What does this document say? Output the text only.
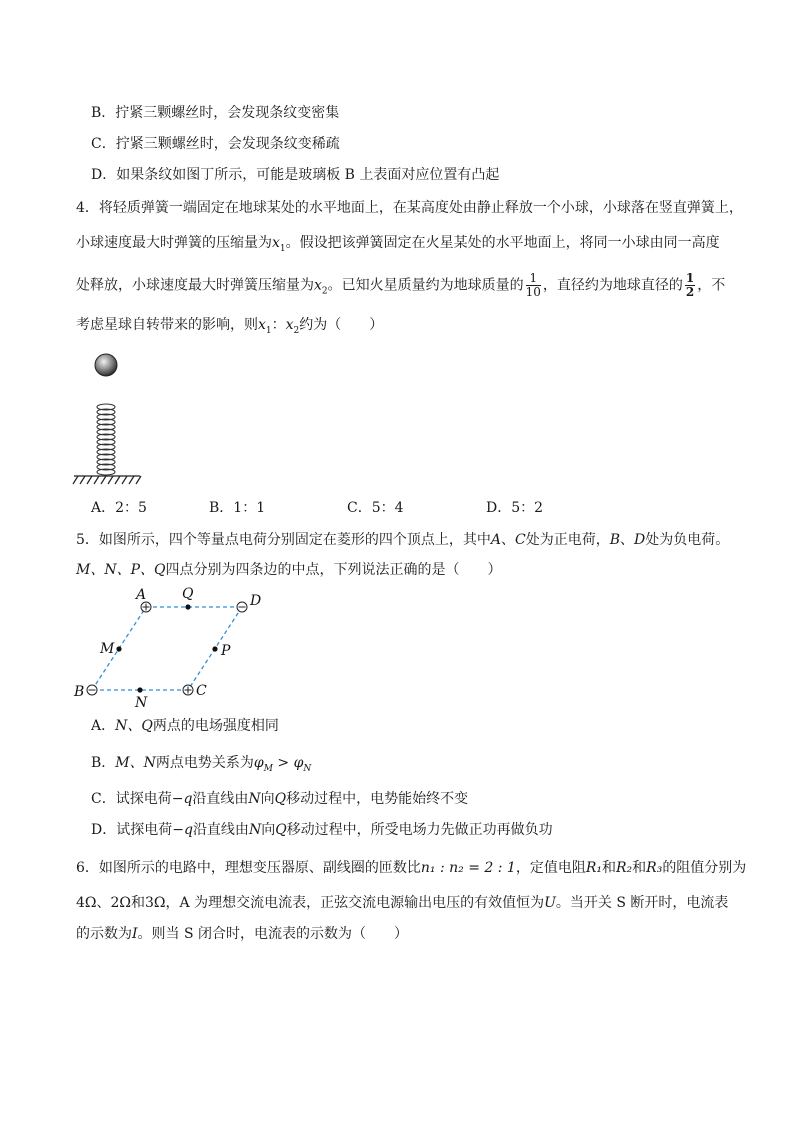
B．拧紧三颗螺丝时，会发现条纹变密集
C．拧紧三颗螺丝时，会发现条纹变稀疏
D．如果条纹如图丁所示，可能是玻璃板 B 上表面对应位置有凸起
4．将轻质弹簧一端固定在地球某处的水平地面上，在某高度处由静止释放一个小球，小球落在竖直弹簧上，
小球速度最大时弹簧的压缩量为$x_1$。假设把该弹簧固定在火星某处的水平地面上，将同一小球由同一高度
处释放，小球速度最大时弹簧压缩量为$x_2$。已知火星质量约为地球质量的 $\frac{1}{10}$ ，直径约为地球直径的 $\frac{1}{2}$ ，不
考虑星球自转带来的影响，则$x_1$：$x_2$约为（　　）
A．2：5	B．1：1	C．5：4	D．5：2
5．如图所示，四个等量点电荷分别固定在菱形的四个顶点上，其中A、C处为正电荷，B、D处为负电荷。
M、N、P、Q四点分别为四条边的中点，下列说法正确的是（　　）
A	Q	D
M	P
B
N
C
A．N、Q两点的电场强度相同
B．M、N两点电势关系为$\varphi_M > \varphi_N$
C．试探电荷−q沿直线由N向Q移动过程中，电势能始终不变
D．试探电荷−q沿直线由N向Q移动过程中，所受电场力先做正功再做负功
6．如图所示的电路中，理想变压器原、副线圈的匝数比n₁ : n₂ = 2 : 1，定值电阻R₁和R₂和R₃的阻值分别为
4Ω、2Ω和3Ω，A 为理想交流电流表，正弦交流电源输出电压的有效值恒为U。当开关 S 断开时，电流表
的示数为I。则当 S 闭合时，电流表的示数为（　　）
